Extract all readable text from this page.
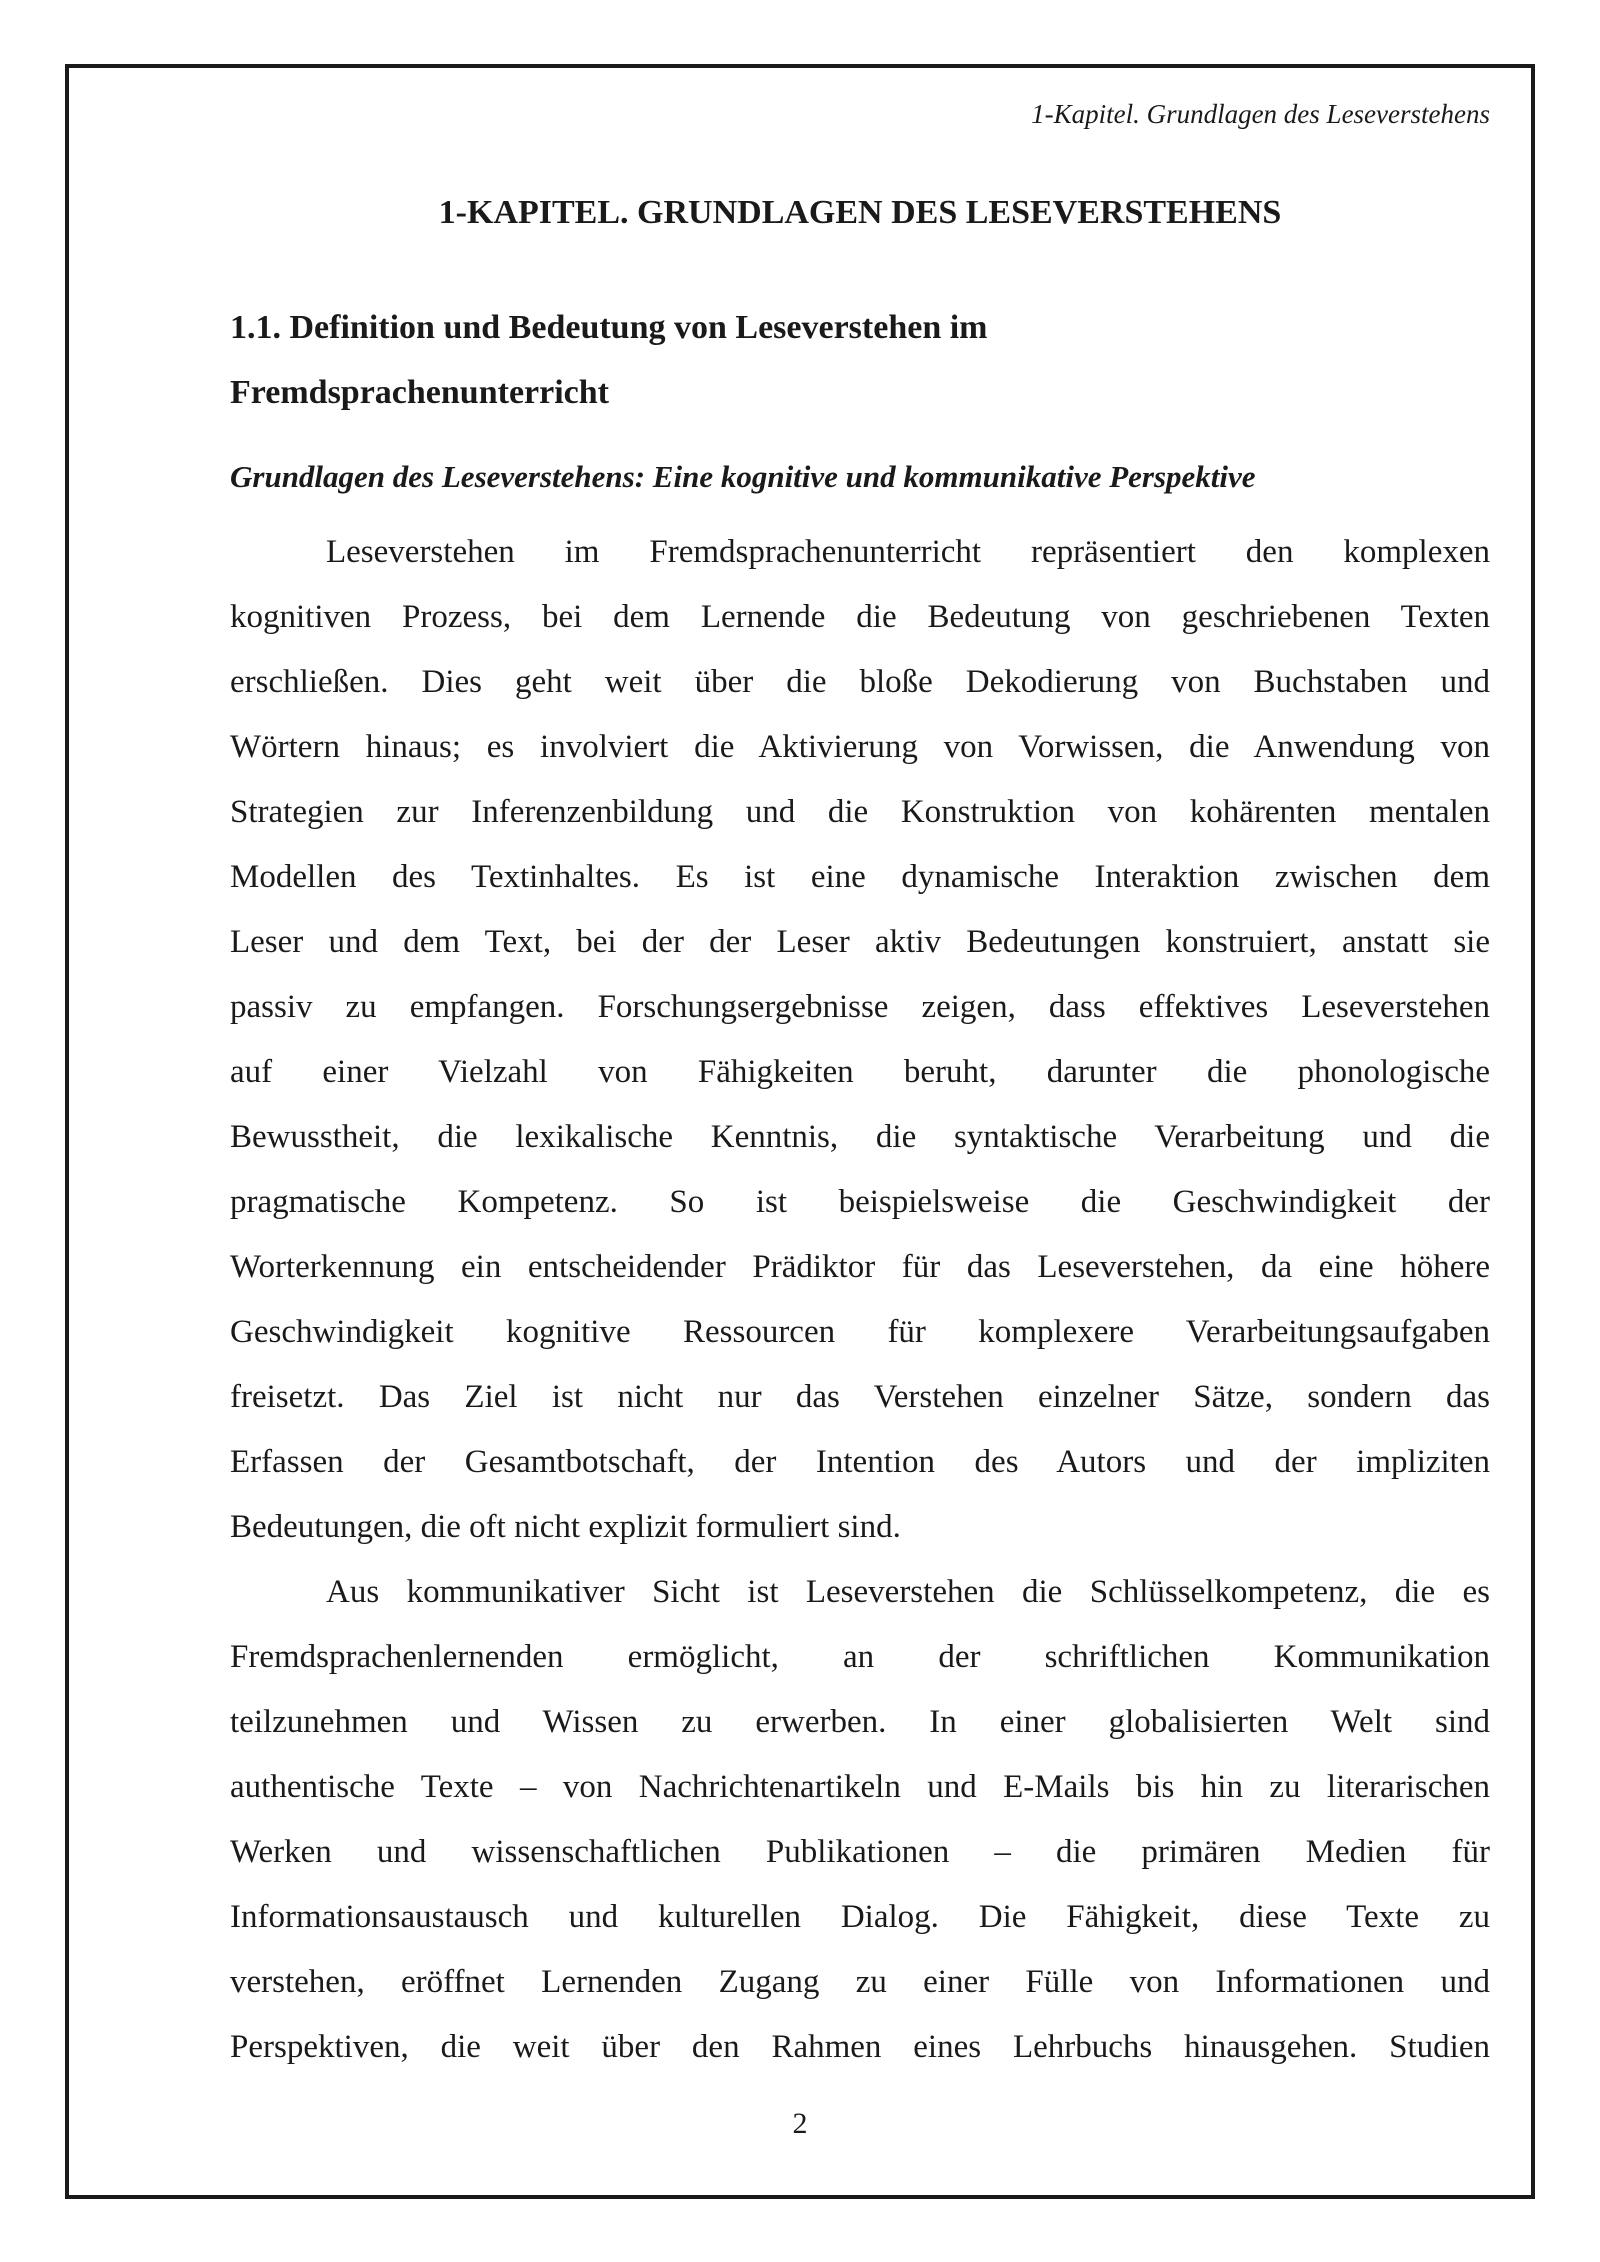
1-Kapitel. Grundlagen des Leseverstehens
1-KAPITEL. GRUNDLAGEN DES LESEVERSTEHENS
1.1. Definition und Bedeutung von Leseverstehen im
Fremdsprachenunterricht
Grundlagen des Leseverstehens: Eine kognitive und kommunikative Perspektive
Leseverstehen im Fremdsprachenunterricht repräsentiert den komplexen
kognitiven Prozess, bei dem Lernende die Bedeutung von geschriebenen Texten
erschließen. Dies geht weit über die bloße Dekodierung von Buchstaben und
Wörtern hinaus; es involviert die Aktivierung von Vorwissen, die Anwendung von
Strategien zur Inferenzenbildung und die Konstruktion von kohärenten mentalen
Modellen des Textinhaltes. Es ist eine dynamische Interaktion zwischen dem
Leser und dem Text, bei der der Leser aktiv Bedeutungen konstruiert, anstatt sie
passiv zu empfangen. Forschungsergebnisse zeigen, dass effektives Leseverstehen
auf einer Vielzahl von Fähigkeiten beruht, darunter die phonologische
Bewusstheit, die lexikalische Kenntnis, die syntaktische Verarbeitung und die
pragmatische Kompetenz. So ist beispielsweise die Geschwindigkeit der
Worterkennung ein entscheidender Prädiktor für das Leseverstehen, da eine höhere
Geschwindigkeit kognitive Ressourcen für komplexere Verarbeitungsaufgaben
freisetzt. Das Ziel ist nicht nur das Verstehen einzelner Sätze, sondern das
Erfassen der Gesamtbotschaft, der Intention des Autors und der impliziten
Bedeutungen, die oft nicht explizit formuliert sind.
Aus kommunikativer Sicht ist Leseverstehen die Schlüsselkompetenz, die es
Fremdsprachenlernenden ermöglicht, an der schriftlichen Kommunikation
teilzunehmen und Wissen zu erwerben. In einer globalisierten Welt sind
authentische Texte – von Nachrichtenartikeln und E-Mails bis hin zu literarischen
Werken und wissenschaftlichen Publikationen – die primären Medien für
Informationsaustausch und kulturellen Dialog. Die Fähigkeit, diese Texte zu
verstehen, eröffnet Lernenden Zugang zu einer Fülle von Informationen und
Perspektiven, die weit über den Rahmen eines Lehrbuchs hinausgehen. Studien
2
